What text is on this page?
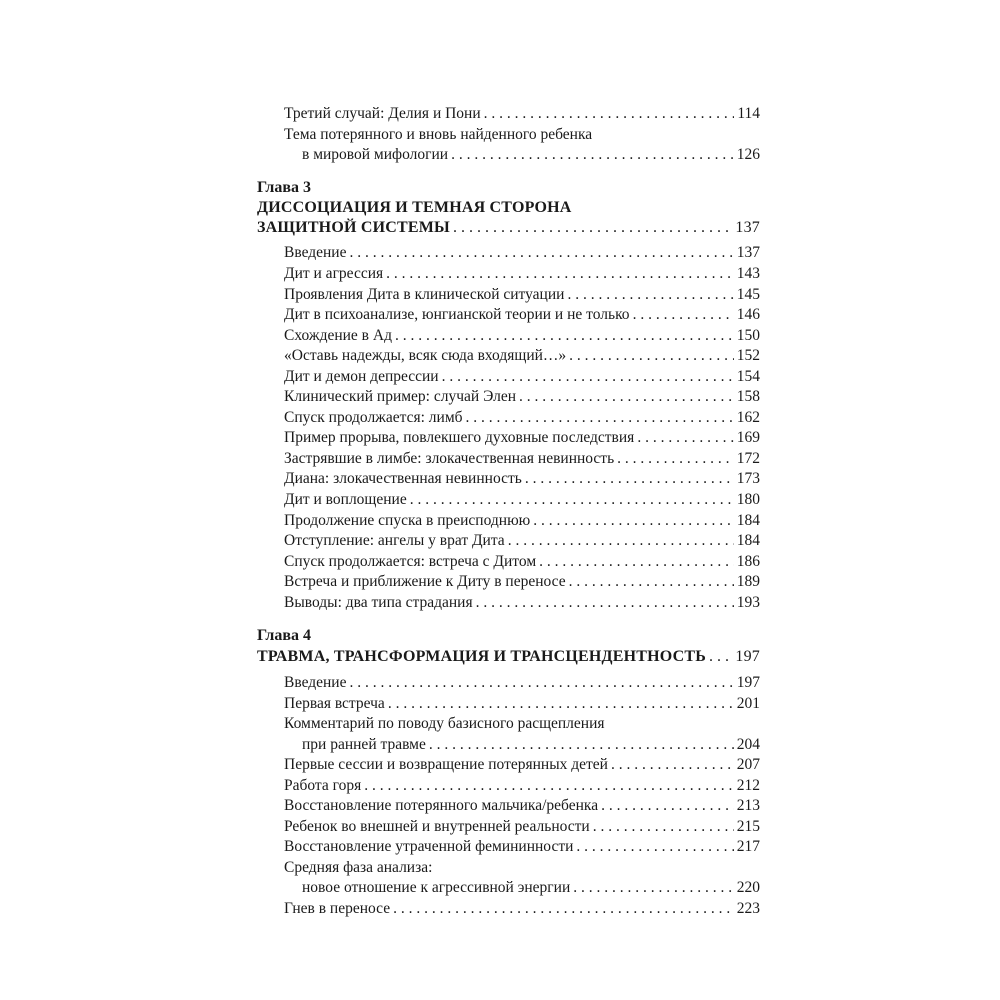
Третий случай: Делия и Пони . . .	114
Тема потерянного и вновь найденного ребенка
в мировой мифологии . . .	126
Глава 3
ДИССОЦИАЦИЯ И ТЕМНАЯ СТОРОНА
ЗАЩИТНОЙ СИСТЕМЫ . . .	137
Введение . . .	137
Дит и агрессия . . .	143
Проявления Дита в клинической ситуации . . .	145
Дит в психоанализе, юнгианской теории и не только . . .	146
Схождение в Ад . . .	150
«Оставь надежды, всяк сюда входящий…» . . .	152
Дит и демон депрессии . . .	154
Клинический пример: случай Элен . . .	158
Спуск продолжается: лимб . . .	162
Пример прорыва, повлекшего духовные последствия . . .	169
Застрявшие в лимбе: злокачественная невинность . . .	172
Диана: злокачественная невинность . . .	173
Дит и воплощение . . .	180
Продолжение спуска в преисподнюю . . .	184
Отступление: ангелы у врат Дита . . .	184
Спуск продолжается: встреча с Дитом . . .	186
Встреча и приближение к Диту в переносе . . .	189
Выводы: два типа страдания . . .	193
Глава 4
ТРАВМА, ТРАНСФОРМАЦИЯ И ТРАНСЦЕНДЕНТНОСТЬ . . . 197
Введение . . .	197
Первая встреча . . .	201
Комментарий по поводу базисного расщепления
при ранней травме . . .	204
Первые сессии и возвращение потерянных детей . . .	207
Работа горя . . .	212
Восстановление потерянного мальчика/ребенка . . .	213
Ребенок во внешней и внутренней реальности . . .	215
Восстановление утраченной фемининности . . .	217
Средняя фаза анализа:
новое отношение к агрессивной энергии . . .	220
Гнев в переносе . . .	223
